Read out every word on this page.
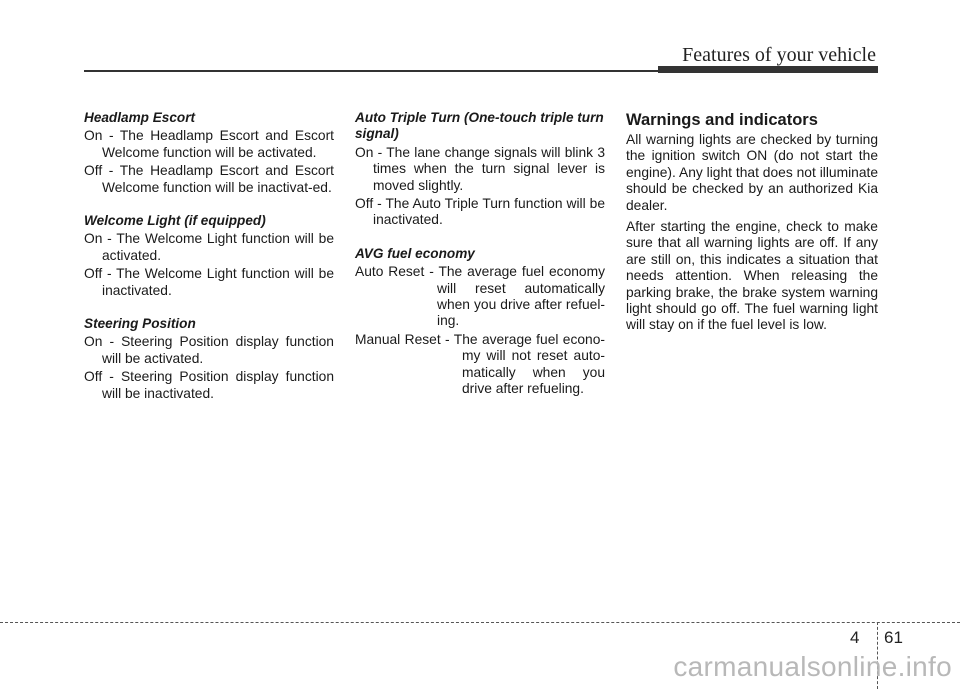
Features of your vehicle
Headlamp Escort
On - The Headlamp Escort and Escort Welcome function will be activated.
Off - The Headlamp Escort and Escort Welcome function will be inactivat-ed.
Welcome Light (if equipped)
On - The Welcome Light function will be activated.
Off - The Welcome Light function will be inactivated.
Steering Position
On - Steering Position display function will be activated.
Off - Steering Position display function will be inactivated.
Auto Triple Turn (One-touch triple turn signal)
On - The lane change signals will blink 3 times when the turn signal lever is moved slightly.
Off - The Auto Triple Turn function will be inactivated.
AVG fuel economy
Auto Reset - The average fuel economy will reset automatically when you drive after refuel-ing.
Manual Reset - The average fuel econo-my will not reset auto-matically when you drive after refueling.
Warnings and indicators
All warning lights are checked by turning the ignition switch ON (do not start the engine). Any light that does not illuminate should be checked by an authorized Kia dealer.
After starting the engine, check to make sure that all warning lights are off. If any are still on, this indicates a situation that needs attention. When releasing the parking brake, the brake system warning light should go off. The fuel warning light will stay on if the fuel level is low.
4 61
carmanualsonline.info
